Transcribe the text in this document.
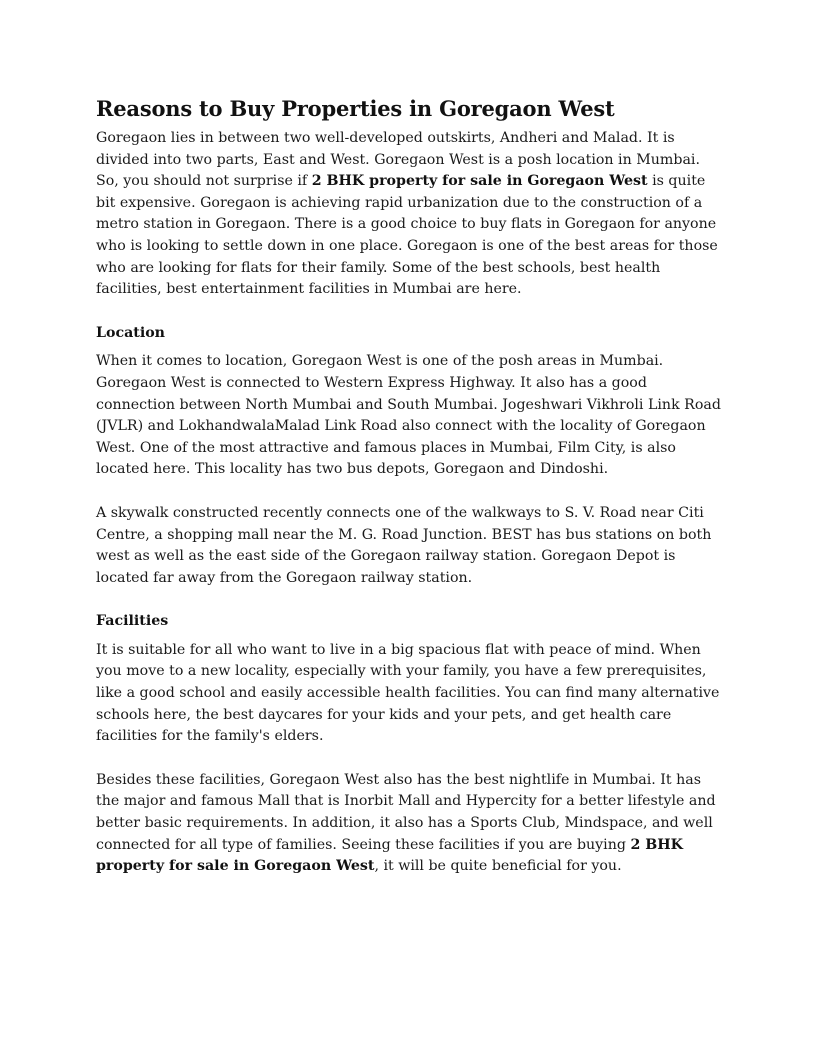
Reasons to Buy Properties in Goregaon West

Goregaon lies in between two well-developed outskirts, Andheri and Malad. It is divided into two parts, East and West. Goregaon West is a posh location in Mumbai. So, you should not surprise if 2 BHK property for sale in Goregaon West is quite bit expensive. Goregaon is achieving rapid urbanization due to the construction of a metro station in Goregaon. There is a good choice to buy flats in Goregaon for anyone who is looking to settle down in one place. Goregaon is one of the best areas for those who are looking for flats for their family. Some of the best schools, best health facilities, best entertainment facilities in Mumbai are here.

Location

When it comes to location, Goregaon West is one of the posh areas in Mumbai. Goregaon West is connected to Western Express Highway. It also has a good connection between North Mumbai and South Mumbai. Jogeshwari Vikhroli Link Road (JVLR) and LokhandwalaMalad Link Road also connect with the locality of Goregaon West. One of the most attractive and famous places in Mumbai, Film City, is also located here. This locality has two bus depots, Goregaon and Dindoshi.

A skywalk constructed recently connects one of the walkways to S. V. Road near Citi Centre, a shopping mall near the M. G. Road Junction. BEST has bus stations on both west as well as the east side of the Goregaon railway station. Goregaon Depot is located far away from the Goregaon railway station.

Facilities

It is suitable for all who want to live in a big spacious flat with peace of mind. When you move to a new locality, especially with your family, you have a few prerequisites, like a good school and easily accessible health facilities. You can find many alternative schools here, the best daycares for your kids and your pets, and get health care facilities for the family's elders.

Besides these facilities, Goregaon West also has the best nightlife in Mumbai. It has the major and famous Mall that is Inorbit Mall and Hypercity for a better lifestyle and better basic requirements. In addition, it also has a Sports Club, Mindspace, and well connected for all type of families. Seeing these facilities if you are buying 2 BHK property for sale in Goregaon West, it will be quite beneficial for you.
